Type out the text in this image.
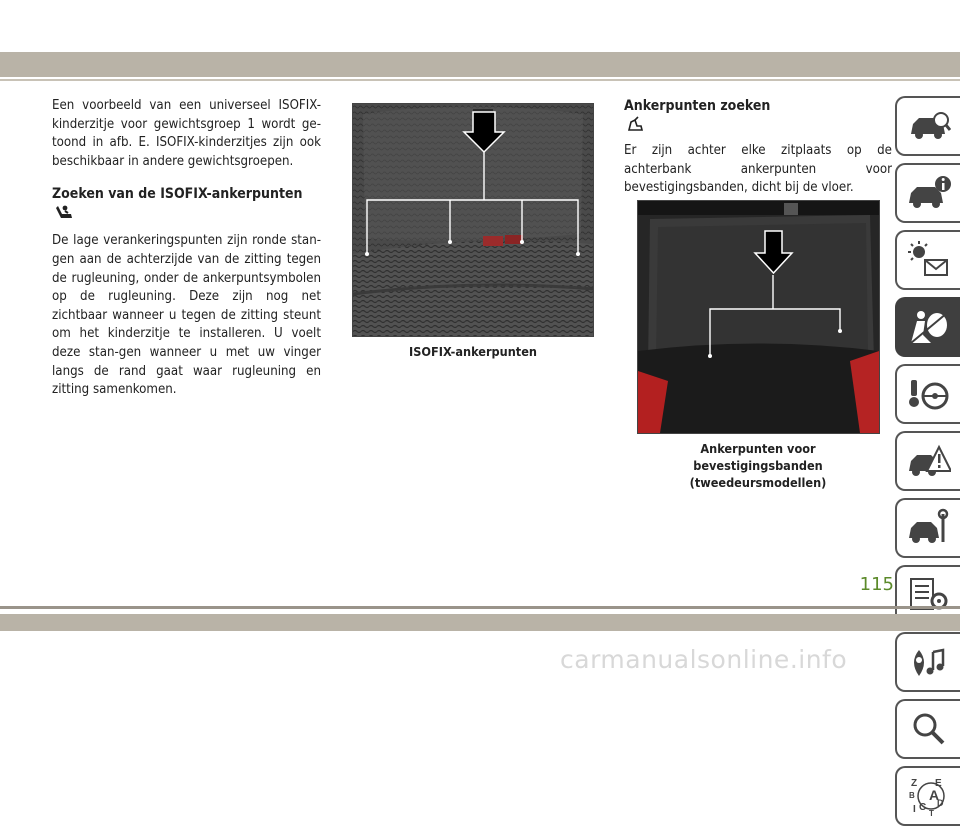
Een voorbeeld van een universeel ISOFIX-kinderzitje voor gewichtsgroep 1 wordt ge-toond in afb. E. ISOFIX-kinderzitjes zijn ook beschikbaar in andere gewichtsgroepen.

Zoeken van de ISOFIX-ankerpunten

De lage verankeringspunten zijn ronde stan-gen aan de achterzijde van de zitting tegen de rugleuning, onder de ankerpuntsymbolen op de rugleuning. Deze zijn nog net zichtbaar wanneer u tegen de zitting steunt om het kinderzitje te installeren. U voelt deze stan-gen wanneer u met uw vinger langs de rand gaat waar rugleuning en zitting samenkomen.

ISOFIX-ankerpunten
Ankerpunten zoeken

Er zijn achter elke zitplaats op de achterbank ankerpunten voor bevestigingsbanden, dicht bij de vloer.

Ankerpunten voor bevestigingsbanden
(tweedeursmodellen)
Z E
B A
D
I C
T
115
carmanualsonline.info
